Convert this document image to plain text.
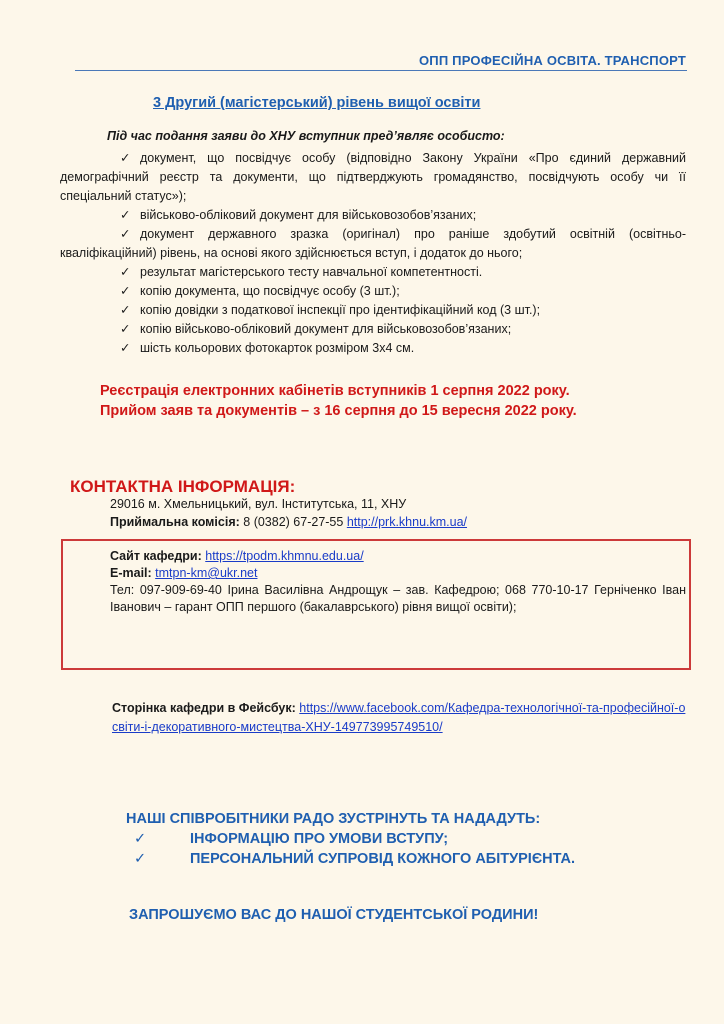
ОПП ПРОФЕСІЙНА ОСВІТА. ТРАНСПОРТ
3 Другий (магістерський) рівень вищої освіти
Під час подання заяви до ХНУ вступник пред’являє особисто:
✓ документ, що посвідчує особу (відповідно Закону України «Про єдиний державний демографічний реєстр та документи, що підтверджують громадянство, посвідчують особу чи її спеціальний статус»);
✓ військово-обліковий документ для військовозобов’язаних;
✓ документ державного зразка (оригінал) про раніше здобутий освітній (освітньо-кваліфікаційний) рівень, на основі якого здійснюється вступ, і додаток до нього;
✓ результат магістерського тесту навчальної компетентності.
✓ копію документа, що посвідчує особу (3 шт.);
✓ копію довідки з податкової інспекції про ідентифікаційний код (3 шт.);
✓ копію військово-обліковий документ для військовозобов’язаних;
✓ шість кольорових фотокарток розміром 3х4 см.
Реєстрація електронних кабінетів вступників 1 серпня 2022 року.
Прийом заяв та документів – з 16 серпня до 15 вересня 2022 року.
КОНТАКТНА ІНФОРМАЦІЯ:
29016 м. Хмельницький, вул. Інститутська, 11, ХНУ
Приймальна комісія: 8 (0382) 67-27-55 http://prk.khnu.km.ua/
Сайт кафедри: https://tpodm.khmnu.edu.ua/
E-mail: tmtpn-km@ukr.net
Тел: 097-909-69-40 Ірина Василівна Андрощук – зав. Кафедрою; 068 770-10-17 Герніченко Іван Іванович – гарант ОПП першого (бакалаврського) рівня вищої освіти);
Сторінка кафедри в Фейсбук: https://www.facebook.com/Кафедра-технологічної-та-професійної-освіти-і-декоративного-мистецтва-ХНУ-149773995749510/
НАШІ СПІВРОБІТНИКИ РАДО ЗУСТРІНУТЬ ТА НАДАДУТЬ:
✓	ІНФОРМАЦІЮ ПРО УМОВИ ВСТУПУ;
✓	ПЕРСОНАЛЬНИЙ СУПРОВІД КОЖНОГО АБІТУРІЄНТА.
ЗАПРОШУЄМО ВАС ДО НАШОЇ СТУДЕНТСЬКОЇ РОДИНИ!
